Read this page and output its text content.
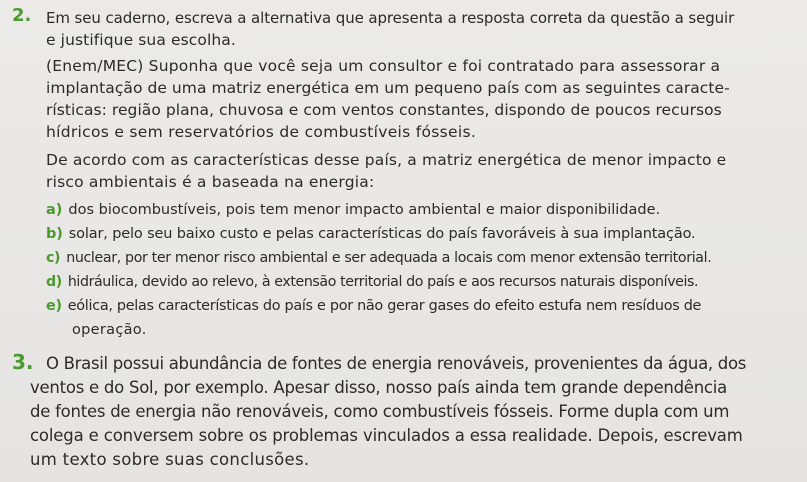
2. Em seu caderno, escreva a alternativa que apresenta a resposta correta da questão a seguir
e justifique sua escolha.
(Enem/MEC) Suponha que você seja um consultor e foi contratado para assessorar a
implantação de uma matriz energética em um pequeno país com as seguintes caracte-
rísticas: região plana, chuvosa e com ventos constantes, dispondo de poucos recursos
hídricos e sem reservatórios de combustíveis fósseis.
De acordo com as características desse país, a matriz energética de menor impacto e
risco ambientais é a baseada na energia:
a) dos biocombustíveis, pois tem menor impacto ambiental e maior disponibilidade.
b) solar, pelo seu baixo custo e pelas características do país favoráveis à sua implantação.
c) nuclear, por ter menor risco ambiental e ser adequada a locais com menor extensão territorial.
d) hidráulica, devido ao relevo, à extensão territorial do país e aos recursos naturais disponíveis.
e) eólica, pelas características do país e por não gerar gases do efeito estufa nem resíduos de
operação.
3. O Brasil possui abundância de fontes de energia renováveis, provenientes da água, dos
ventos e do Sol, por exemplo. Apesar disso, nosso país ainda tem grande dependência
de fontes de energia não renováveis, como combustíveis fósseis. Forme dupla com um
colega e conversem sobre os problemas vinculados a essa realidade. Depois, escrevam
um texto sobre suas conclusões.
